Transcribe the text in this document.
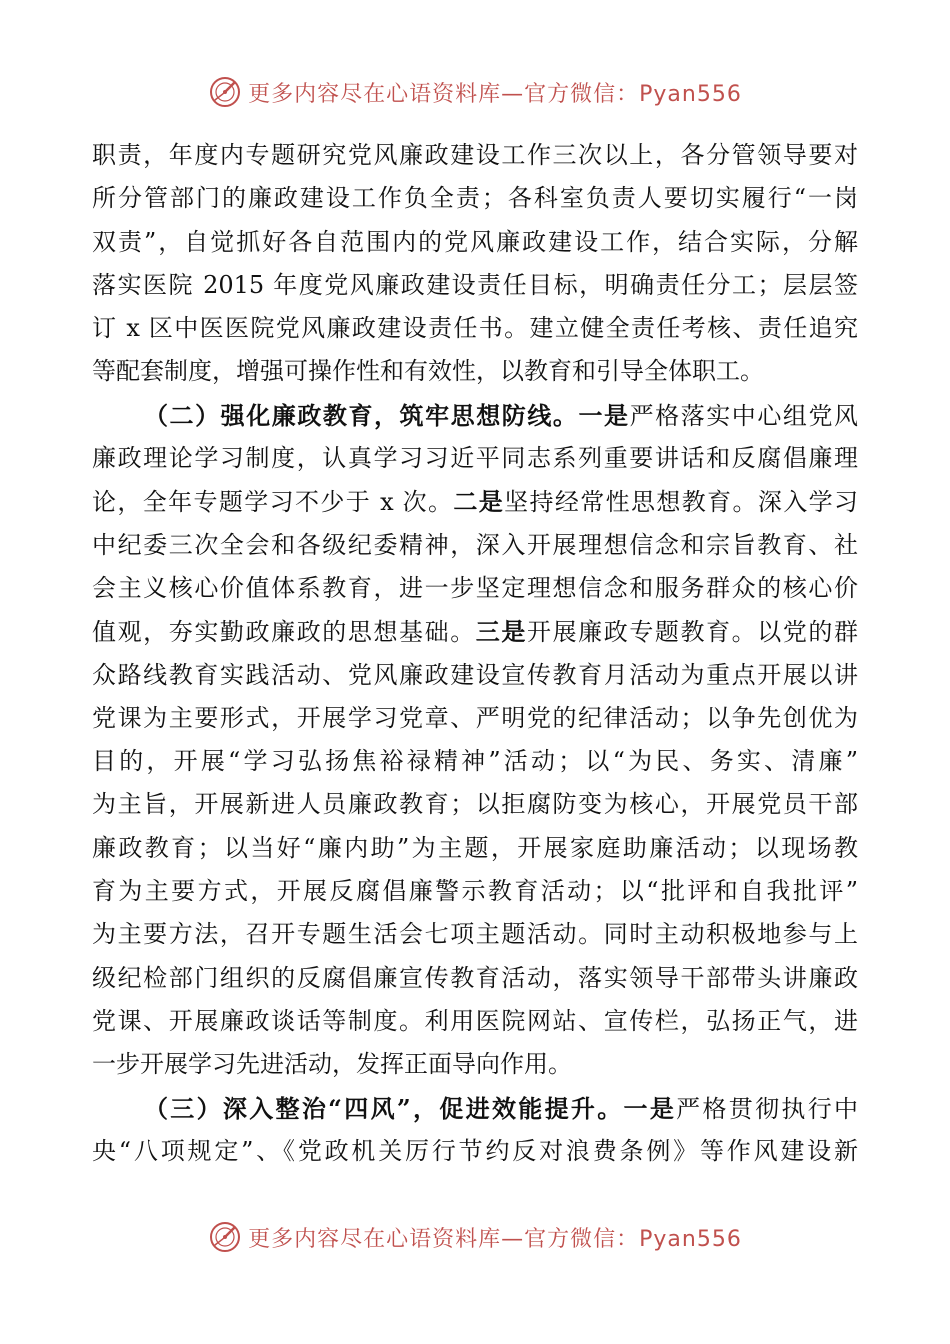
更多内容尽在心语资料库—官方微信：Pyan556
职责，年度内专题研究党风廉政建设工作三次以上，各分管领导要对
所分管部门的廉政建设工作负全责；各科室负责人要切实履行“一岗
双责”，自觉抓好各自范围内的党风廉政建设工作，结合实际，分解
落实医院 2015 年度党风廉政建设责任目标，明确责任分工；层层签
订 x 区中医医院党风廉政建设责任书。建立健全责任考核、责任追究
等配套制度，增强可操作性和有效性，以教育和引导全体职工。
（二）强化廉政教育，筑牢思想防线。一是严格落实中心组党风
廉政理论学习制度，认真学习习近平同志系列重要讲话和反腐倡廉理
论，全年专题学习不少于 x 次。二是坚持经常性思想教育。深入学习
中纪委三次全会和各级纪委精神，深入开展理想信念和宗旨教育、社
会主义核心价值体系教育，进一步坚定理想信念和服务群众的核心价
值观，夯实勤政廉政的思想基础。三是开展廉政专题教育。以党的群
众路线教育实践活动、党风廉政建设宣传教育月活动为重点开展以讲
党课为主要形式，开展学习党章、严明党的纪律活动；以争先创优为
目的，开展“学习弘扬焦裕禄精神”活动；以“为民、务实、清廉”
为主旨，开展新进人员廉政教育；以拒腐防变为核心，开展党员干部
廉政教育；以当好“廉内助”为主题，开展家庭助廉活动；以现场教
育为主要方式，开展反腐倡廉警示教育活动；以“批评和自我批评”
为主要方法，召开专题生活会七项主题活动。同时主动积极地参与上
级纪检部门组织的反腐倡廉宣传教育活动，落实领导干部带头讲廉政
党课、开展廉政谈话等制度。利用医院网站、宣传栏，弘扬正气，进
一步开展学习先进活动，发挥正面导向作用。
（三）深入整治“四风”，促进效能提升。一是严格贯彻执行中
央“八项规定”、《党政机关厉行节约反对浪费条例》等作风建设新
更多内容尽在心语资料库—官方微信：Pyan556
